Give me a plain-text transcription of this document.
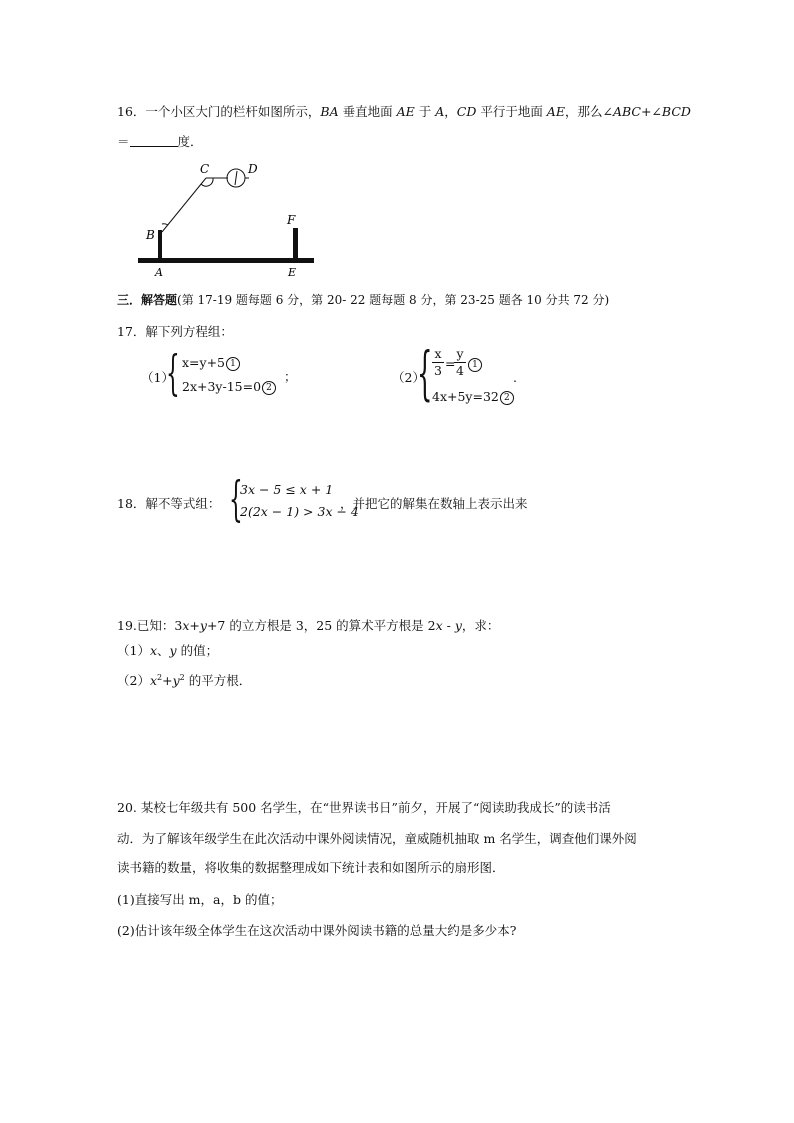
16．一个小区大门的栏杆如图所示，BA 垂直地面 AE 于 A，CD 平行于地面 AE，那么∠ABC+∠BCD
＝	度．
C	D
B
F
A	E
三．解答题(第 17-19 题每题 6 分，第 20- 22 题每题 8 分，第 23-25 题各 10 分共 72 分)
17．解下列方程组：
（1）
{ x=y+5 1
2x+3y-15=0 2
；	（2）
{ x
3 =
y
4 1
4x+5y=32 2
.
18．解不等式组： {
3x − 5 ≤ x + 1
2(2x − 1) > 3x − 4
，并把它的解集在数轴上表示出来
19.已知：3x+y+7 的立方根是 3，25 的算术平方根是 2x - y，求：
（1）x、y 的值；
$(2)x^2+y^2$ 的平方根．
20. 某校七年级共有 500 名学生，在“世界读书日”前夕，开展了“阅读助我成长”的读书活
动．为了解该年级学生在此次活动中课外阅读情况，童威随机抽取 m 名学生，调查他们课外阅
读书籍的数量，将收集的数据整理成如下统计表和如图所示的扇形图．
(1)直接写出 m，a，b 的值；
(2)估计该年级全体学生在这次活动中课外阅读书籍的总量大约是多少本?
